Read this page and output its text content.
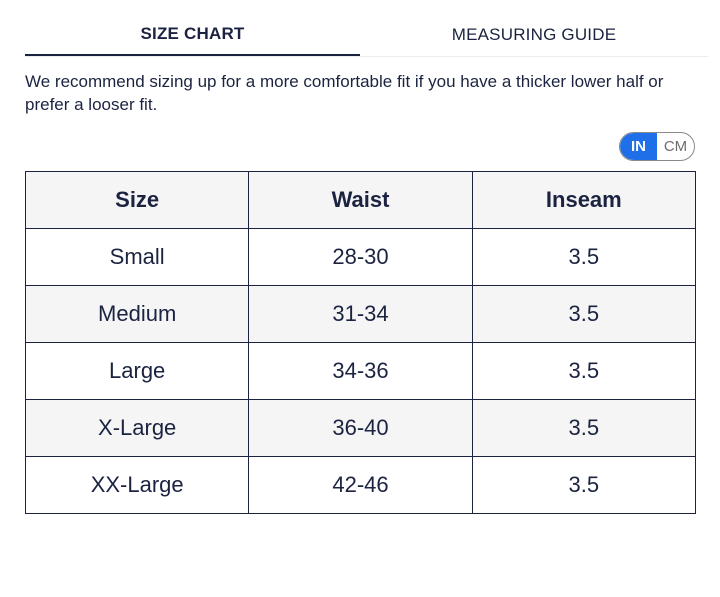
SIZE CHART	MEASURING GUIDE
We recommend sizing up for a more comfortable fit if you have a thicker lower half or prefer a looser fit.
IN	CM
Size	Waist	Inseam
Small	28-30	3.5
Medium	31-34	3.5
Large	34-36	3.5
X-Large	36-40	3.5
XX-Large	42-46	3.5
